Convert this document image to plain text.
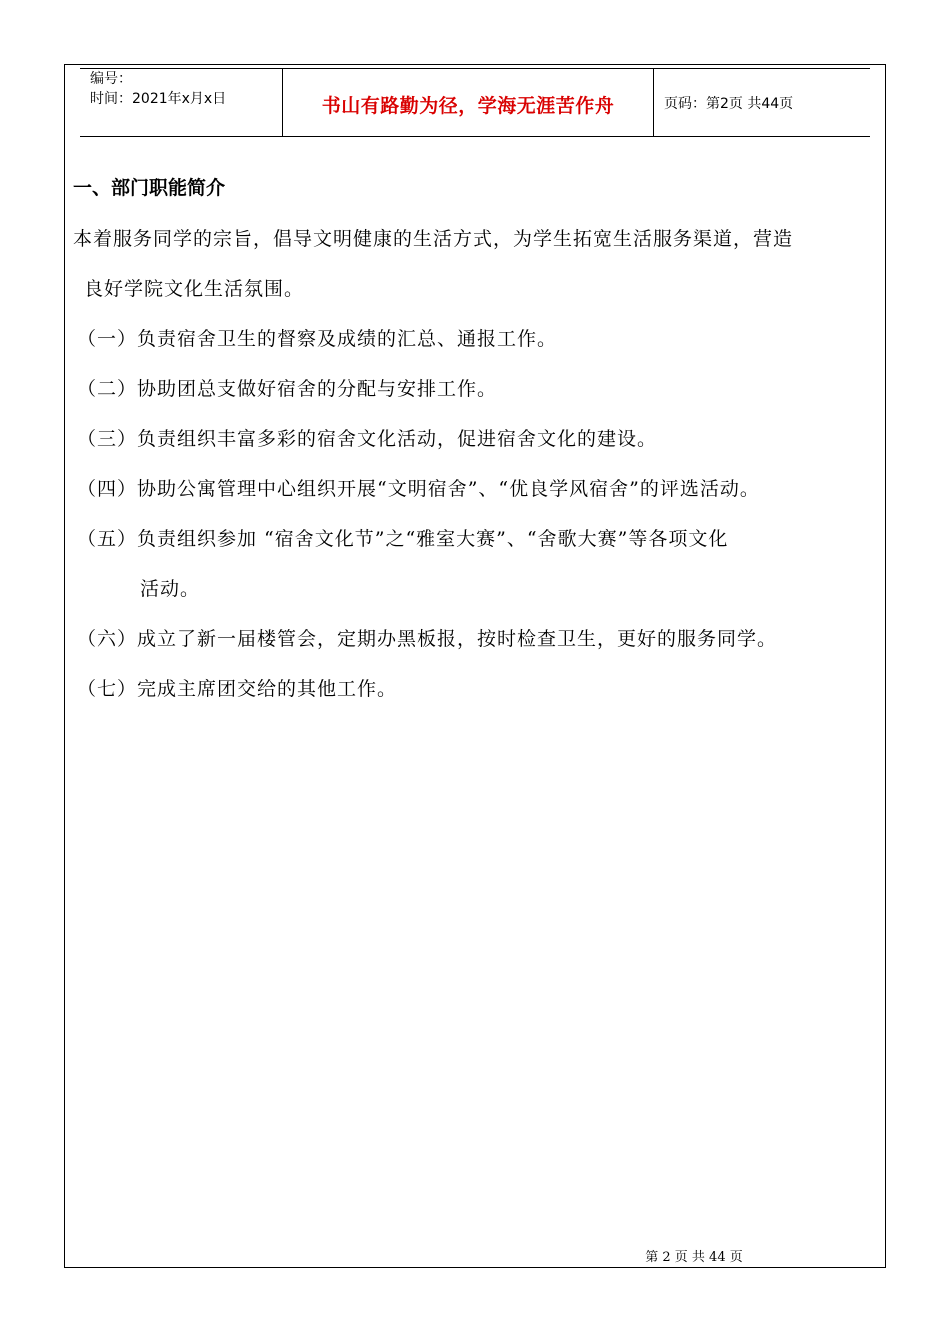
编号：
时间：2021年x月x日	书山有路勤为径，学海无涯苦作舟	页码：第2页 共44页
一、部门职能简介
本着服务同学的宗旨，倡导文明健康的生活方式，为学生拓宽生活服务渠道，营造
良好学院文化生活氛围。
（一）负责宿舍卫生的督察及成绩的汇总、通报工作。
（二）协助团总支做好宿舍的分配与安排工作。
（三）负责组织丰富多彩的宿舍文化活动，促进宿舍文化的建设。
（四）协助公寓管理中心组织开展“文明宿舍”、“优良学风宿舍”的评选活动。
（五）负责组织参加 “宿舍文化节”之“雅室大赛”、“舍歌大赛”等各项文化
活动。
（六）成立了新一届楼管会，定期办黑板报，按时检查卫生，更好的服务同学。
（七）完成主席团交给的其他工作。
第 2 页 共 44 页
